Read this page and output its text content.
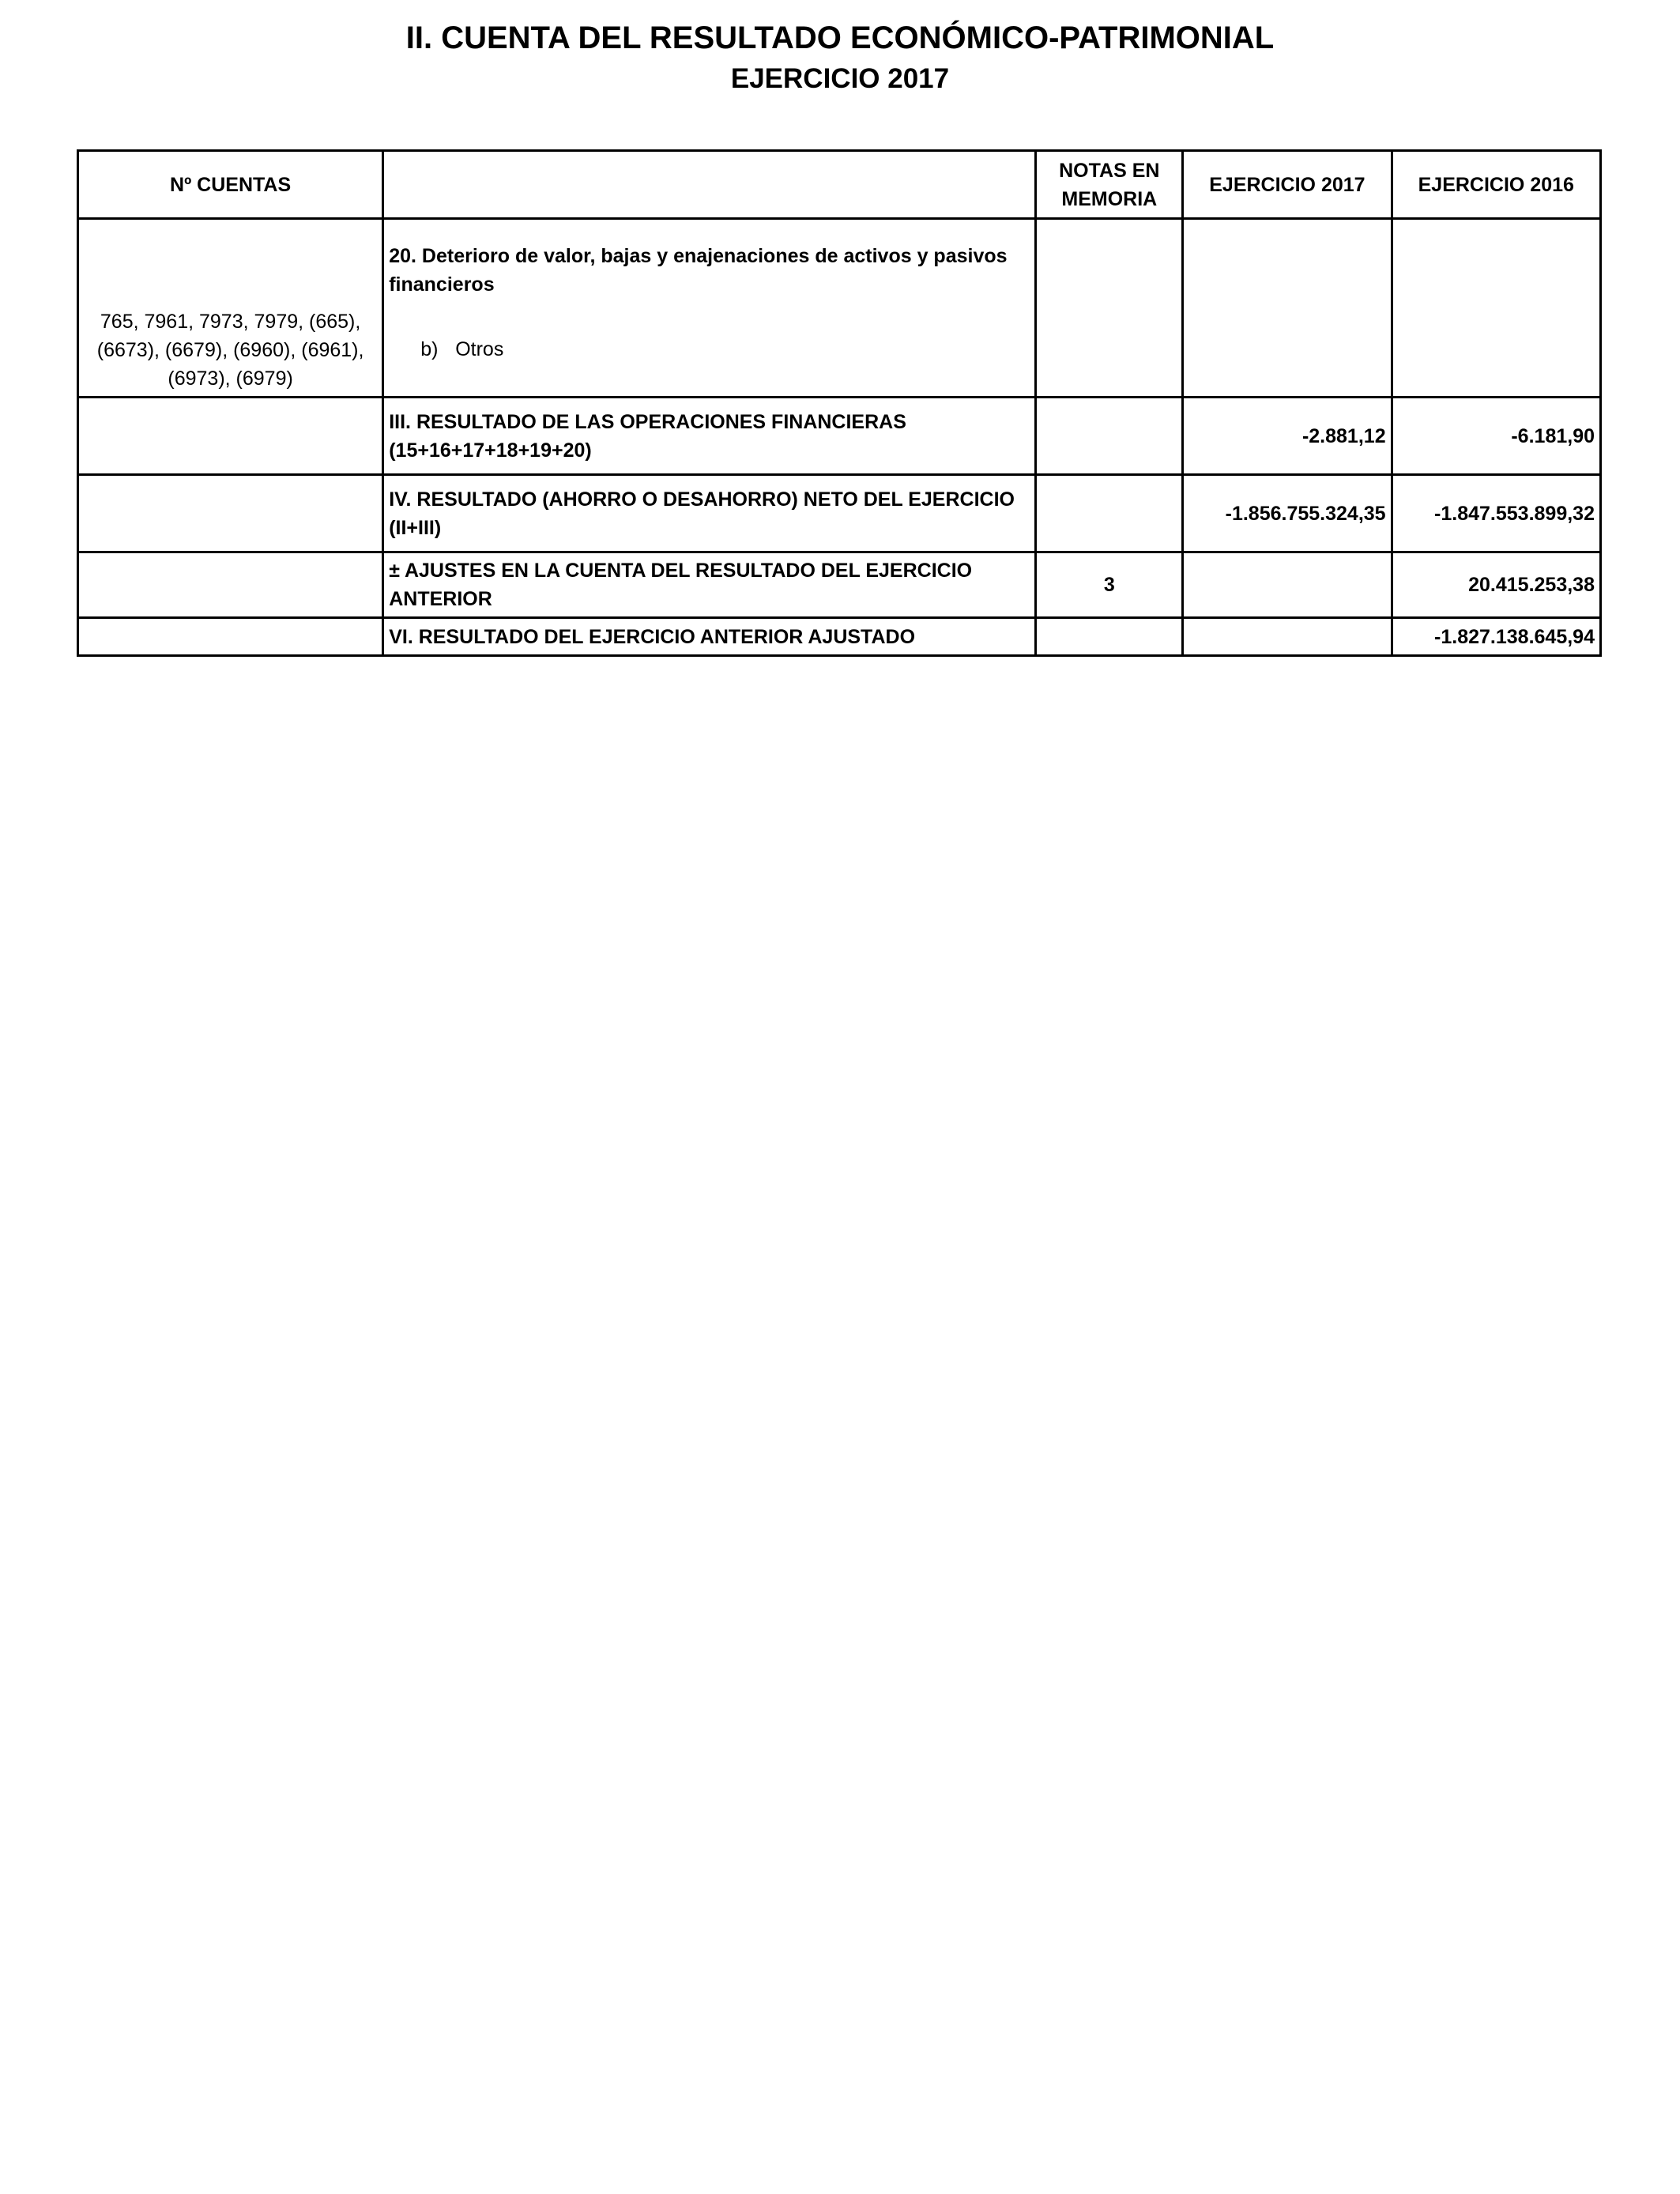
II. CUENTA DEL RESULTADO ECONÓMICO-PATRIMONIAL
EJERCICIO 2017
Nº CUENTAS		NOTAS EN MEMORIA	EJERCICIO 2017	EJERCICIO 2016
765, 7961, 7973, 7979, (665), (6673), (6679), (6960), (6961), (6973), (6979)	20. Deterioro de valor, bajas y enajenaciones de activos y pasivos financieros
b) Otros			

	III. RESULTADO DE LAS OPERACIONES FINANCIERAS (15+16+17+18+19+20)		-2.881,12	-6.181,90
	IV. RESULTADO (AHORRO O DESAHORRO) NETO DEL EJERCICIO (II+III)		-1.856.755.324,35	-1.847.553.899,32
	± AJUSTES EN LA CUENTA DEL RESULTADO DEL EJERCICIO ANTERIOR	3		20.415.253,38
	VI. RESULTADO DEL EJERCICIO ANTERIOR AJUSTADO			-1.827.138.645,94
